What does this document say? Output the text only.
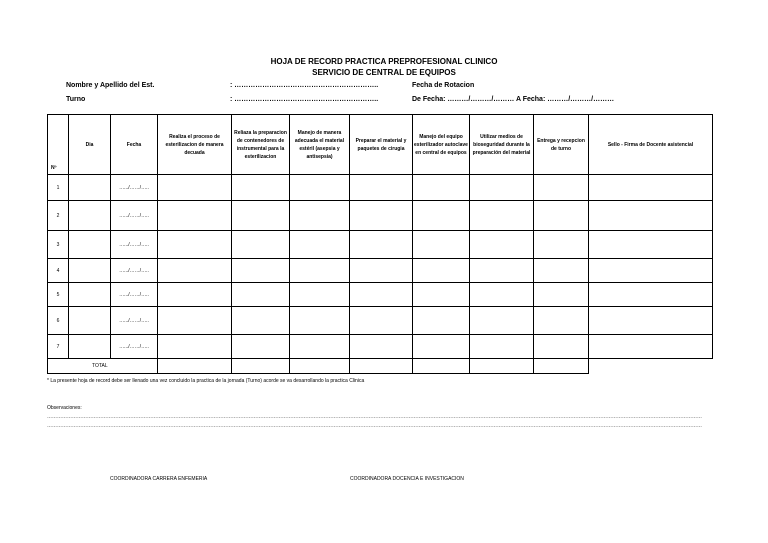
HOJA DE RECORD PRACTICA PREPROFESIONAL CLINICO
SERVICIO DE CENTRAL DE EQUIPOS
Nombre y Apellido del Est.	: ……………………………………………………..	Fecha de Rotacion
Turno	: ……………………………………………………..	De Fecha: ………/………/……… A Fecha: ………/………/………
Nº	Dia	Fecha	Realiza el proceso de esterilizacion de manera decuada	Reliaza la preparacion de contenedores de instrumental para la esterilizacion	Manejo de manera adecuada el material estéril (asepsia y antisepsia)	Preparar el material y paquetes de cirugia	Manejo del equipo esterilizador autoclave en central de equipos	Utilizar medios de bioseguridad durante la preparación del material	Entrega y recepcion de turno	Sello - Firma de Docente asistencial
1		….../……/…..								
2		….../……/…..								
3		….../……/…..								
4		….../……/…..								
5		….../……/…..								
6		….../……/…..								
7		….../……/…..								
TOTAL										
* La presente hoja de record debe ser llenado una vez concluido la practica de la jornada (Turno) acorde se va desarrollando la practica Clinica
Observaciones:
……………………………………………………………………………………………………………………………………………………………………………………………………………………………………………………………………………………………………………………………………………………………
……………………………………………………………………………………………………………………………………………………………………………………………………………………………………………………………………………………………………………………………………………………………
COORDINADORA CARRERA ENFEMERIA	COORDINADORA DOCENCIA E INVESTIGACION
